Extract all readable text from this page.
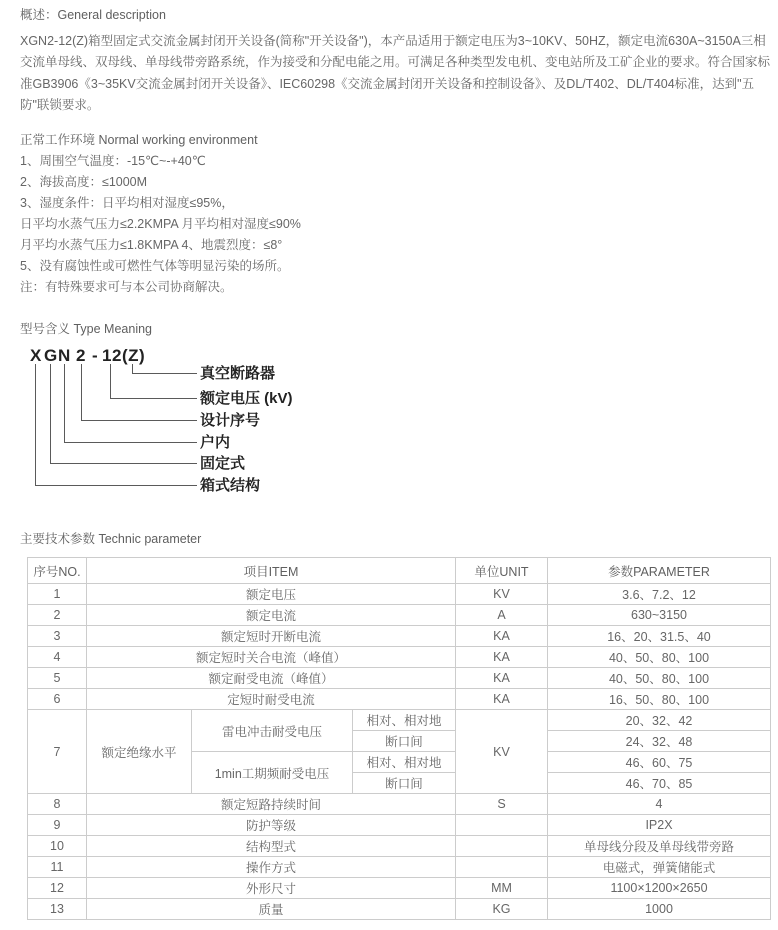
概述：General description

XGN2-12(Z)箱型固定式交流金属封闭开关设备(简称"开关设备")，本产品适用于额定电压为3~10KV、50HZ，额定电流630A~3150A三相交流单母线、双母线、单母线带旁路系统，作为接受和分配电能之用。可满足各种类型发电机、变电站所及工矿企业的要求。符合国家标准GB3906《3~35KV交流金属封闭开关设备》、IEC60298《交流金属封闭开关设备和控制设备》、及DL/T402、DL/T404标准，达到"五防"联锁要求。

正常工作环境 Normal working environment
1、周围空气温度：-15℃~-+40℃
2、海拔高度：≤1000M
3、湿度条件：日平均相对湿度≤95%，
日平均水蒸气压力≤2.2KMPA 月平均相对湿度≤90%
月平均水蒸气压力≤1.8KMPA 4、地震烈度：≤8°
5、没有腐蚀性或可燃性气体等明显污染的场所。
注：有特殊要求可与本公司协商解决。
型号含义 Type Meaning
X G N 2 - 12 (Z)
真空断路器
额定电压 (kV)
设计序号
户内
固定式
箱式结构
主要技术参数 Technic parameter
序号NO.	项目ITEM			单位UNIT	参数PARAMETER
1	额定电压			KV	3.6、7.2、12
2	额定电流			A	630~3150
3	额定短时开断电流			KA	16、20、31.5、40
4	额定短时关合电流（峰值）			KA	40、50、80、100
5	额定耐受电流（峰值）			KA	40、50、80、100
6	定短时耐受电流			KA	16、50、80、100
7	额定绝缘水平	雷电冲击耐受电压	相对、相对地	KV	20、32、42
			断口间		24、32、48
		1min工期频耐受电压	相对、相对地		46、60、75
			断口间		46、70、85
8	额定短路持续时间			S	4
9	防护等级				IP2X
10	结构型式				单母线分段及单母线带旁路
11	操作方式				电磁式，弹簧储能式
12	外形尺寸			MM	1100×1200×2650
13	质量			KG	1000
